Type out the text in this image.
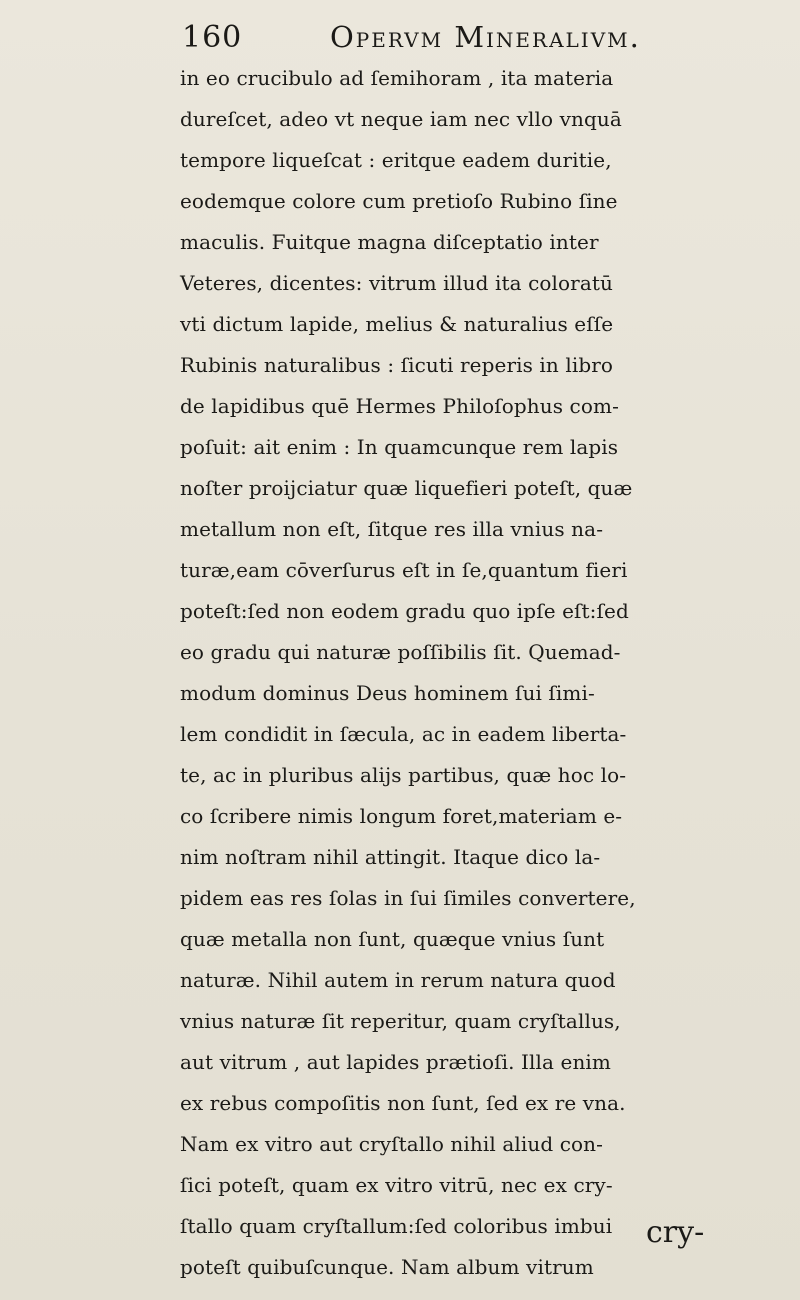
160	Opervm Mineralivm.
in eo crucibulo ad ſemihoram , ita materia
dureſcet, adeo vt neque iam nec vllo vnquā
tempore liqueſcat : eritque eadem duritie,
eodemque colore cum pretioſo Rubino ſine
maculis. Fuitque magna diſceptatio inter
Veteres, dicentes: vitrum illud ita coloratū
vti dictum lapide, melius & naturalius eſſe
Rubinis naturalibus : ſicuti reperis in libro
de lapidibus quē Hermes Philoſophus com-
poſuit: ait enim : In quamcunque rem lapis
noſter proijciatur quæ liquefieri poteſt, quæ
metallum non eſt, ſitque res illa vnius na-
turæ,eam cōverſurus eſt in ſe,quantum fieri
poteſt:ſed non eodem gradu quo ipſe eſt:ſed
eo gradu qui naturæ poſſibilis ſit. Quemad-
modum dominus Deus hominem ſui ſimi-
lem condidit in ſæcula, ac in eadem liberta-
te, ac in pluribus alijs partibus, quæ hoc lo-
co ſcribere nimis longum foret,materiam e-
nim noſtram nihil attingit. Itaque dico la-
pidem eas res ſolas in ſui ſimiles convertere,
quæ metalla non ſunt, quæque vnius ſunt
naturæ. Nihil autem in rerum natura quod
vnius naturæ ſit reperitur, quam cryſtallus,
aut vitrum , aut lapides prætioſi. Illa enim
ex rebus compoſitis non ſunt, ſed ex re vna.
Nam ex vitro aut cryſtallo nihil aliud con-
ſici poteſt, quam ex vitro vitrū, nec ex cry-
ſtallo quam cryſtallum:ſed coloribus imbui
poteſt quibuſcunque. Nam album vitrum
cry-
